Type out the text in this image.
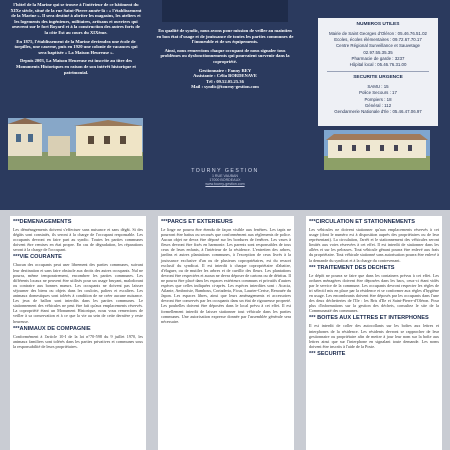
l'hôtel de la Marine qui se trouve à l'intérieur de ce bâtiment du XIXe siècle, situé de la rue Saint-Pierre année-là : « l'établissement de la Marine ». Il sera destiné à abriter les magasins, les ateliers et les logements des ingénieurs, militaires, artisans et ouvriers qui œuvrent sur le fort Boyard et à la construction des autres forts de la côte Est au cours du XIXème.

En 1875, l'établissement de la Marine deviendra une école de torpilles, une caserne, puis en 1920 une colonie de vacances qui sera baptisée « La Maison Heureuse ».

Depuis 2003, La Maison Heureuse est inscrite au titre des Monuments Historiques en raison de son intérêt historique et patrimonial.

En qualité de syndic, nous avons pour mission de veiller au maintien en bon état d'usage et de jouissance de toutes les parties communes de l'immeuble et de ses équipements.

Ainsi, nous remercions chaque occupant de nous signaler tous problèmes ou dysfonctionnements qui pourraient survenir dans la copropriété.

Gestionnaire : Fanny REY

Assistante : Célia BORDENAVE

Tél : 09.52.05.25.36

Mail : syndic@tourny-gestion.com

TOURNY GESTION
1 RUE VAUBAN
17000 BORDEAUX
www.tourny-gestion.com
NUMEROS UTILES
Mairie de Saint Georges d'Oléron : 05.46.76.51.02
Ecoles, écoles élémentaires : 09.72.67.70.17
Centre Régional Surveillance et Sauvetage
02.97.55.35.35
Pharmacie de garde : 3237
Hôpital local : 05.46.76.31.00
SECURITE URGENCE
SAMU : 15
Police Secours : 17
Pompiers : 18
Général : 112
Gendarmerie Nationale d'Ile : 05.46.47.06.97
***DEMENAGEMENTS

Les déménagements doivent s'effectuer sans nuisance et sans dégât. Si des dégâts sont constatés, ils seront à la charge de l'occupant responsable. Les occupants devront en faire part au syndic. Toutes les parties communes doivent être remises en état propre. En cas de dégradation, les réparations seront à la charge de l'occupant.

***VIE COURANTE

Chacun des occupants peut user librement des parties communes, suivant leur destination et sans faire obstacle aux droits des autres occupants. Nul ne pourra, même temporairement, encombrer les parties communes. Les différents locaux ne peuvent être utilisés pour un usage bruyant, malodorant ou contraire aux bonnes mœurs. Les occupants ne doivent pas laisser séjourner des biens ou objets dans les couloirs, paliers et escaliers. Les animaux domestiques sont tolérés à condition de ne créer aucune nuisance. Les jeux de ballon sont interdits dans les parties communes. Le stationnement des véhicules ne peut être fait qu'aux emplacements réservés. La copropriété étant un Monument Historique, nous vous remercions de veiller à sa conservation et à ce que la vie au sein de cette dernière y reste heureuse.

***ANIMAUX DE COMPAGNIE

Conformément à l'article 10-I de la loi n°70-598 du 9 juillet 1970, les animaux familiers sont tolérés dans les parties privatives et communes sous la responsabilité de leurs propriétaires.

***PARCS ET EXTERIEURS

Le linge ne pourra être étendu de façon visible aux fenêtres. Les tapis ne pourront être battus ou secoués que conformément aux règlements de police. Aucun objet ne devra être déposé sur les bordures de fenêtres. Les vases à fleurs devront être fixés en harmonie. Les parents sont responsables de tous ceux de leurs enfants, à l'intérieur de la résidence. L'entretien des arbres, jardins et autres plantations communes, à l'exception de ceux livrés à la jouissance exclusive d'un ou de plusieurs copropriétaires, est du ressort exclusif du syndicat. Il est interdit à chaque copropriétaire d'abattre, d'élaguer, ou de mutiler les arbres et de cueillir des fleurs. Les plantations devront être respectées et aucun ne devra déposer de cartons ou de détritus. Il ne pourra être placé dans les espaces extérieurs communs et privatifs d'autres espèces que celles indiquées ci-après. Les espèces interdites sont : Acacia, Ailante, Ambroisie, Bambous, Cortaderia, Ficus, Laurier-Cerise, Renouée du Japon. Les espaces libres, ainsi que leurs aménagements et accessoires devront être conservés par les occupants dans un état de rigoureuse propreté. Les poubelles doivent être déposées dans le local prévu à cet effet. Il est formellement interdit de laisser stationner tout véhicule dans les parties communes. Une autorisation expresse donnée par l'assemblée générale sera nécessaire.

***CIRCULATION ET STATIONNEMENTS

Les véhicules ne doivent stationner qu'aux emplacements réservés à cet usage (dont le numéro est à disposition auprès des propriétaires ou de leur représentant). La circulation, l'arrêt et le stationnement des véhicules seront limités aux voies réservées à cet effet. Il est interdit de stationner dans les allées et sur les pelouses. Tout véhicule gênant pourra être enlevé aux frais du propriétaire. Tout véhicule stationné sans autorisation pourra être enlevé à la demande du syndicat et à la charge du contrevenant.

*** TRAITEMENT DES DECHETS

Le dépôt ne pourra se faire que dans les containers prévus à cet effet. Les ordures ménagères doivent être déposées dans les bacs, ceux-ci étant vidés par le service de la commune. Les occupants devront respecter les règles de tri sélectif mis en place par la résidence et se conformer aux règles d'hygiène en usage. Les encombrants doivent être déposés par les occupants dans l'une des deux déchetteries de l'Ile : les Bris d'Ile et Saint-Pierre-d'Oléron. Pour plus d'informations sur la gestion des déchets, consultez le site de la Communauté des communes.

*** BOITES AUX LETTRES ET INTERPHONES

Il est interdit de coller des autocollants sur les boîtes aux lettres et interphones de la résidence. Les résidents devront se rapprocher de leur gestionnaire ou propriétaire afin de mettre à jour leur nom sur la boîte aux lettres ainsi que sur l'interphone en signalant toute demande. Les noms doivent être inscrits à l'aide de la Poste.

*** SECURITE
